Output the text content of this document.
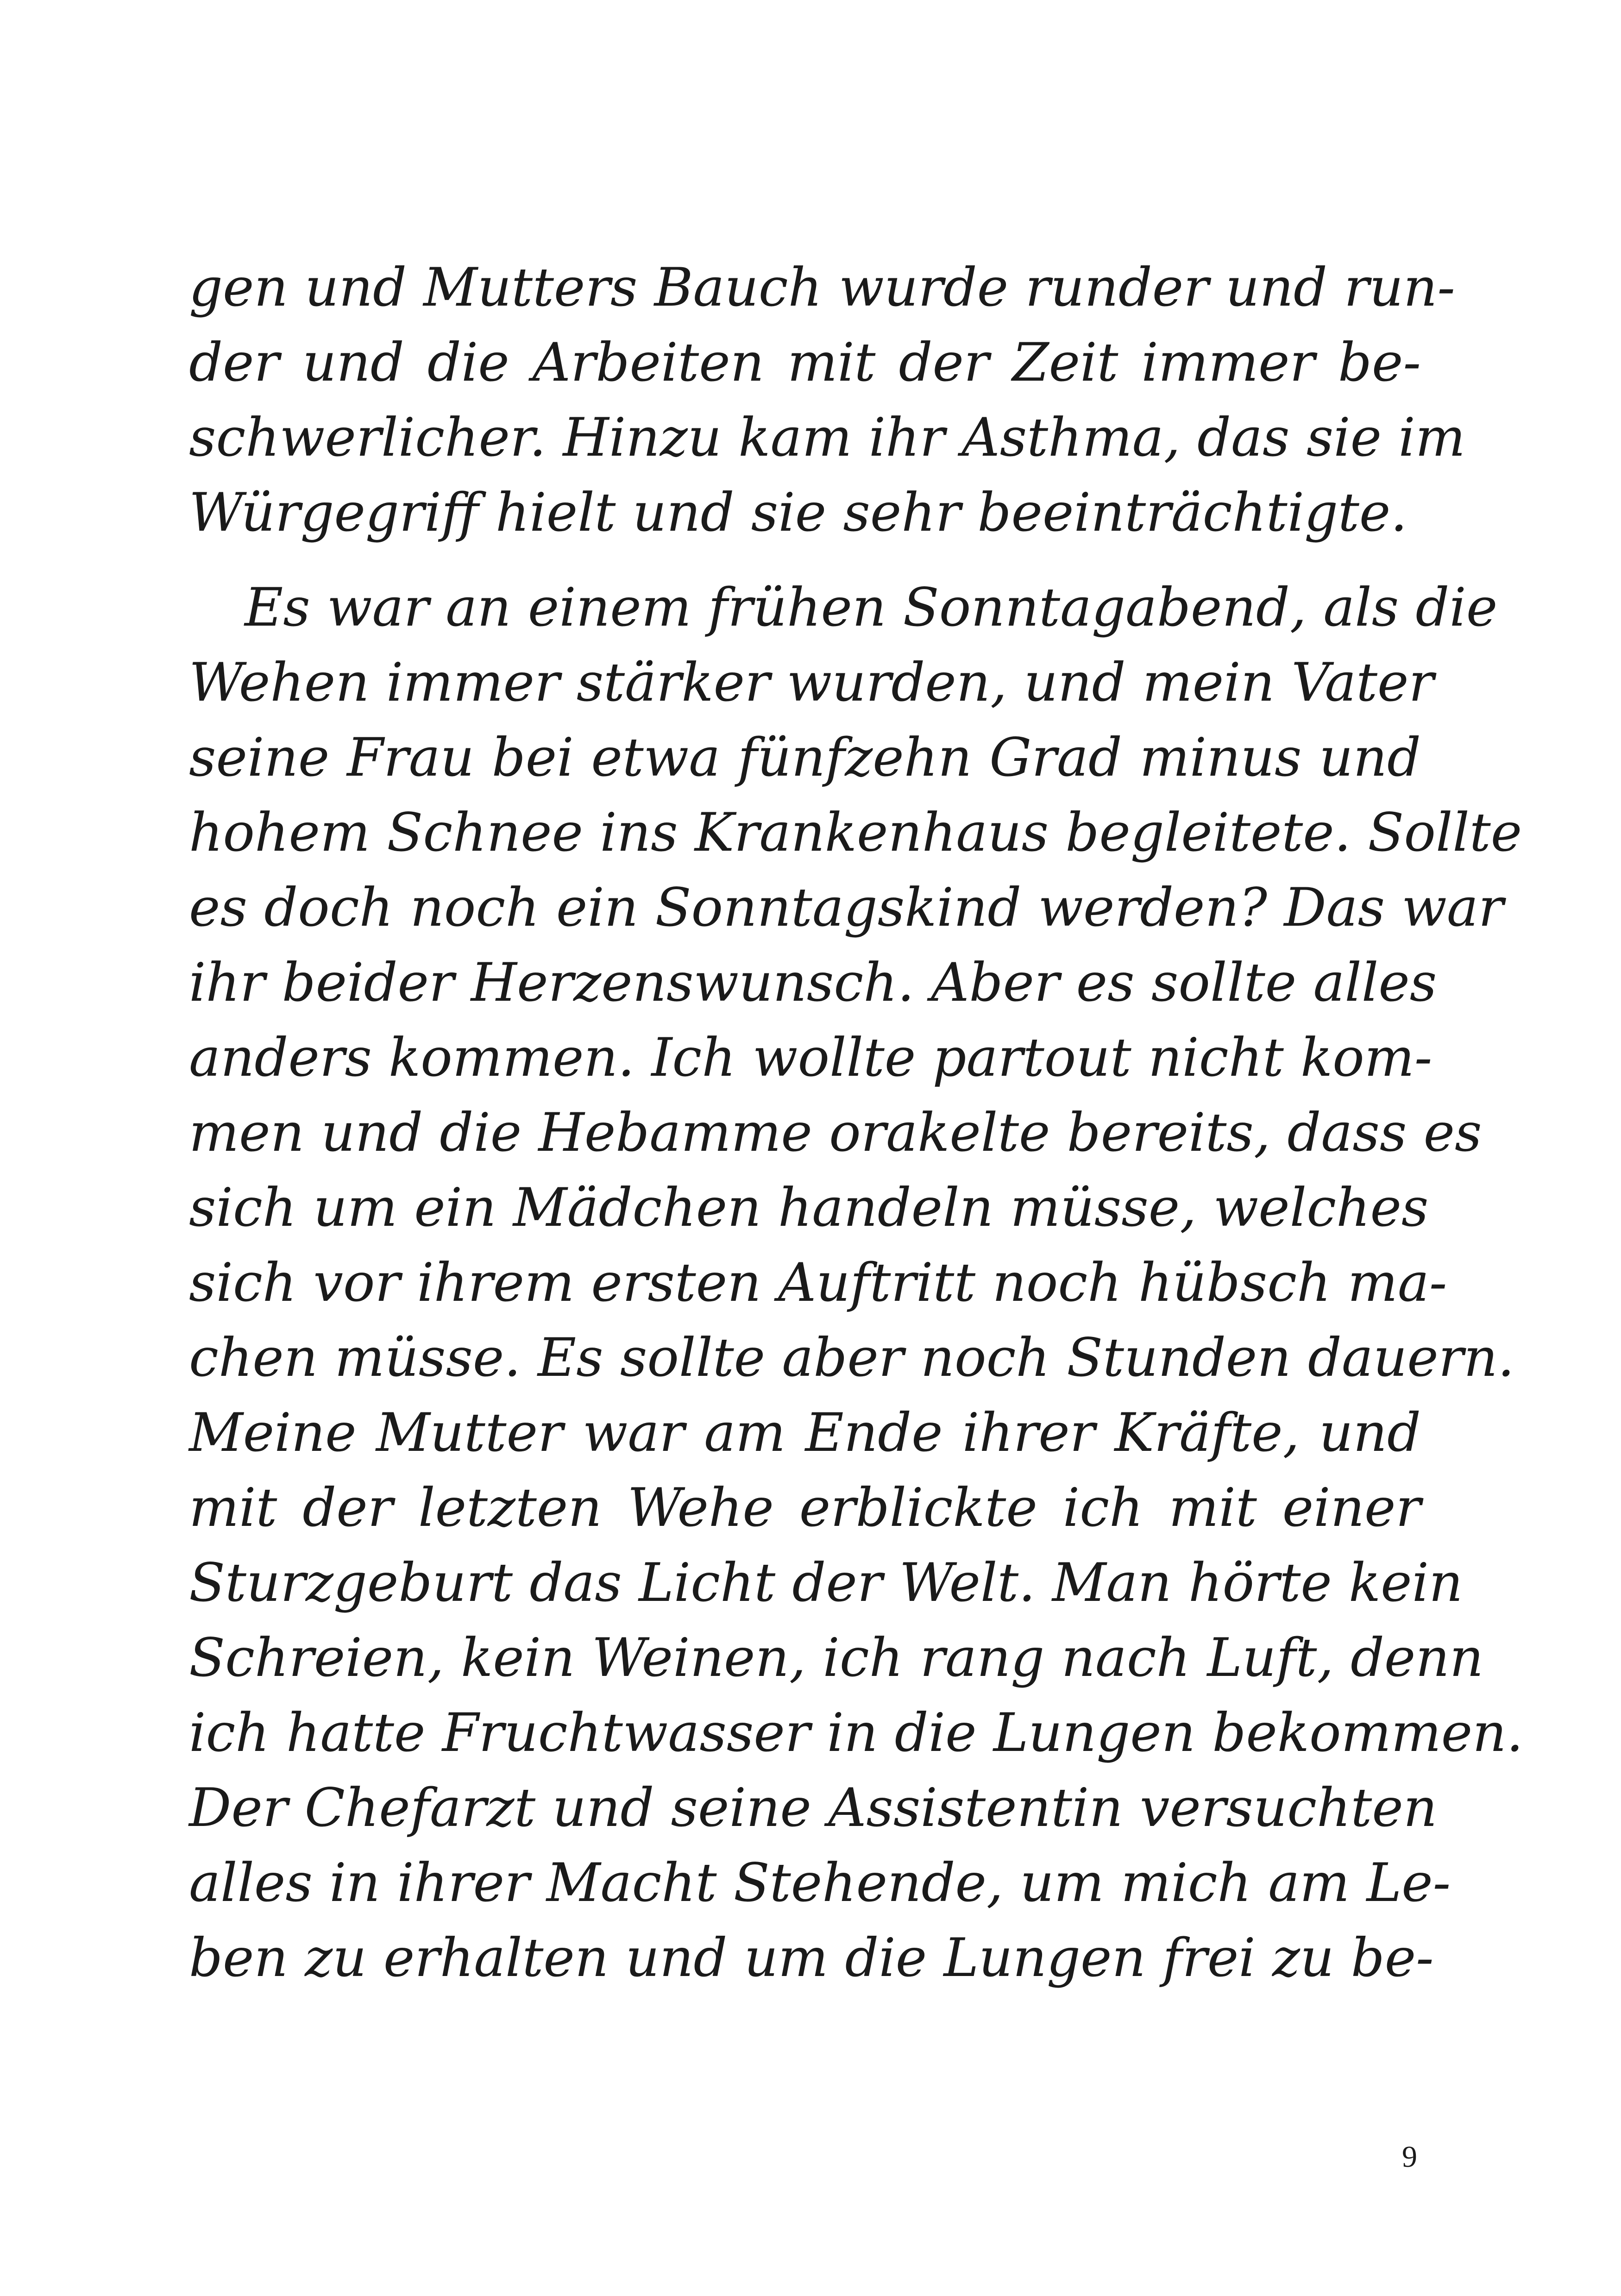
gen und Mutters Bauch wurde runder und run-
der und die Arbeiten mit der Zeit immer be-
schwerlicher. Hinzu kam ihr Asthma, das sie im
Würgegriff hielt und sie sehr beeinträchtigte.
Es war an einem frühen Sonntagabend, als die
Wehen immer stärker wurden, und mein Vater
seine Frau bei etwa fünfzehn Grad minus und
hohem Schnee ins Krankenhaus begleitete. Sollte
es doch noch ein Sonntagskind werden? Das war
ihr beider Herzenswunsch. Aber es sollte alles
anders kommen. Ich wollte partout nicht kom-
men und die Hebamme orakelte bereits, dass es
sich um ein Mädchen handeln müsse, welches
sich vor ihrem ersten Auftritt noch hübsch ma-
chen müsse. Es sollte aber noch Stunden dauern.
Meine Mutter war am Ende ihrer Kräfte, und
mit der letzten Wehe erblickte ich mit einer
Sturzgeburt das Licht der Welt. Man hörte kein
Schreien, kein Weinen, ich rang nach Luft, denn
ich hatte Fruchtwasser in die Lungen bekommen.
Der Chefarzt und seine Assistentin versuchten
alles in ihrer Macht Stehende, um mich am Le-
ben zu erhalten und um die Lungen frei zu be-
9
